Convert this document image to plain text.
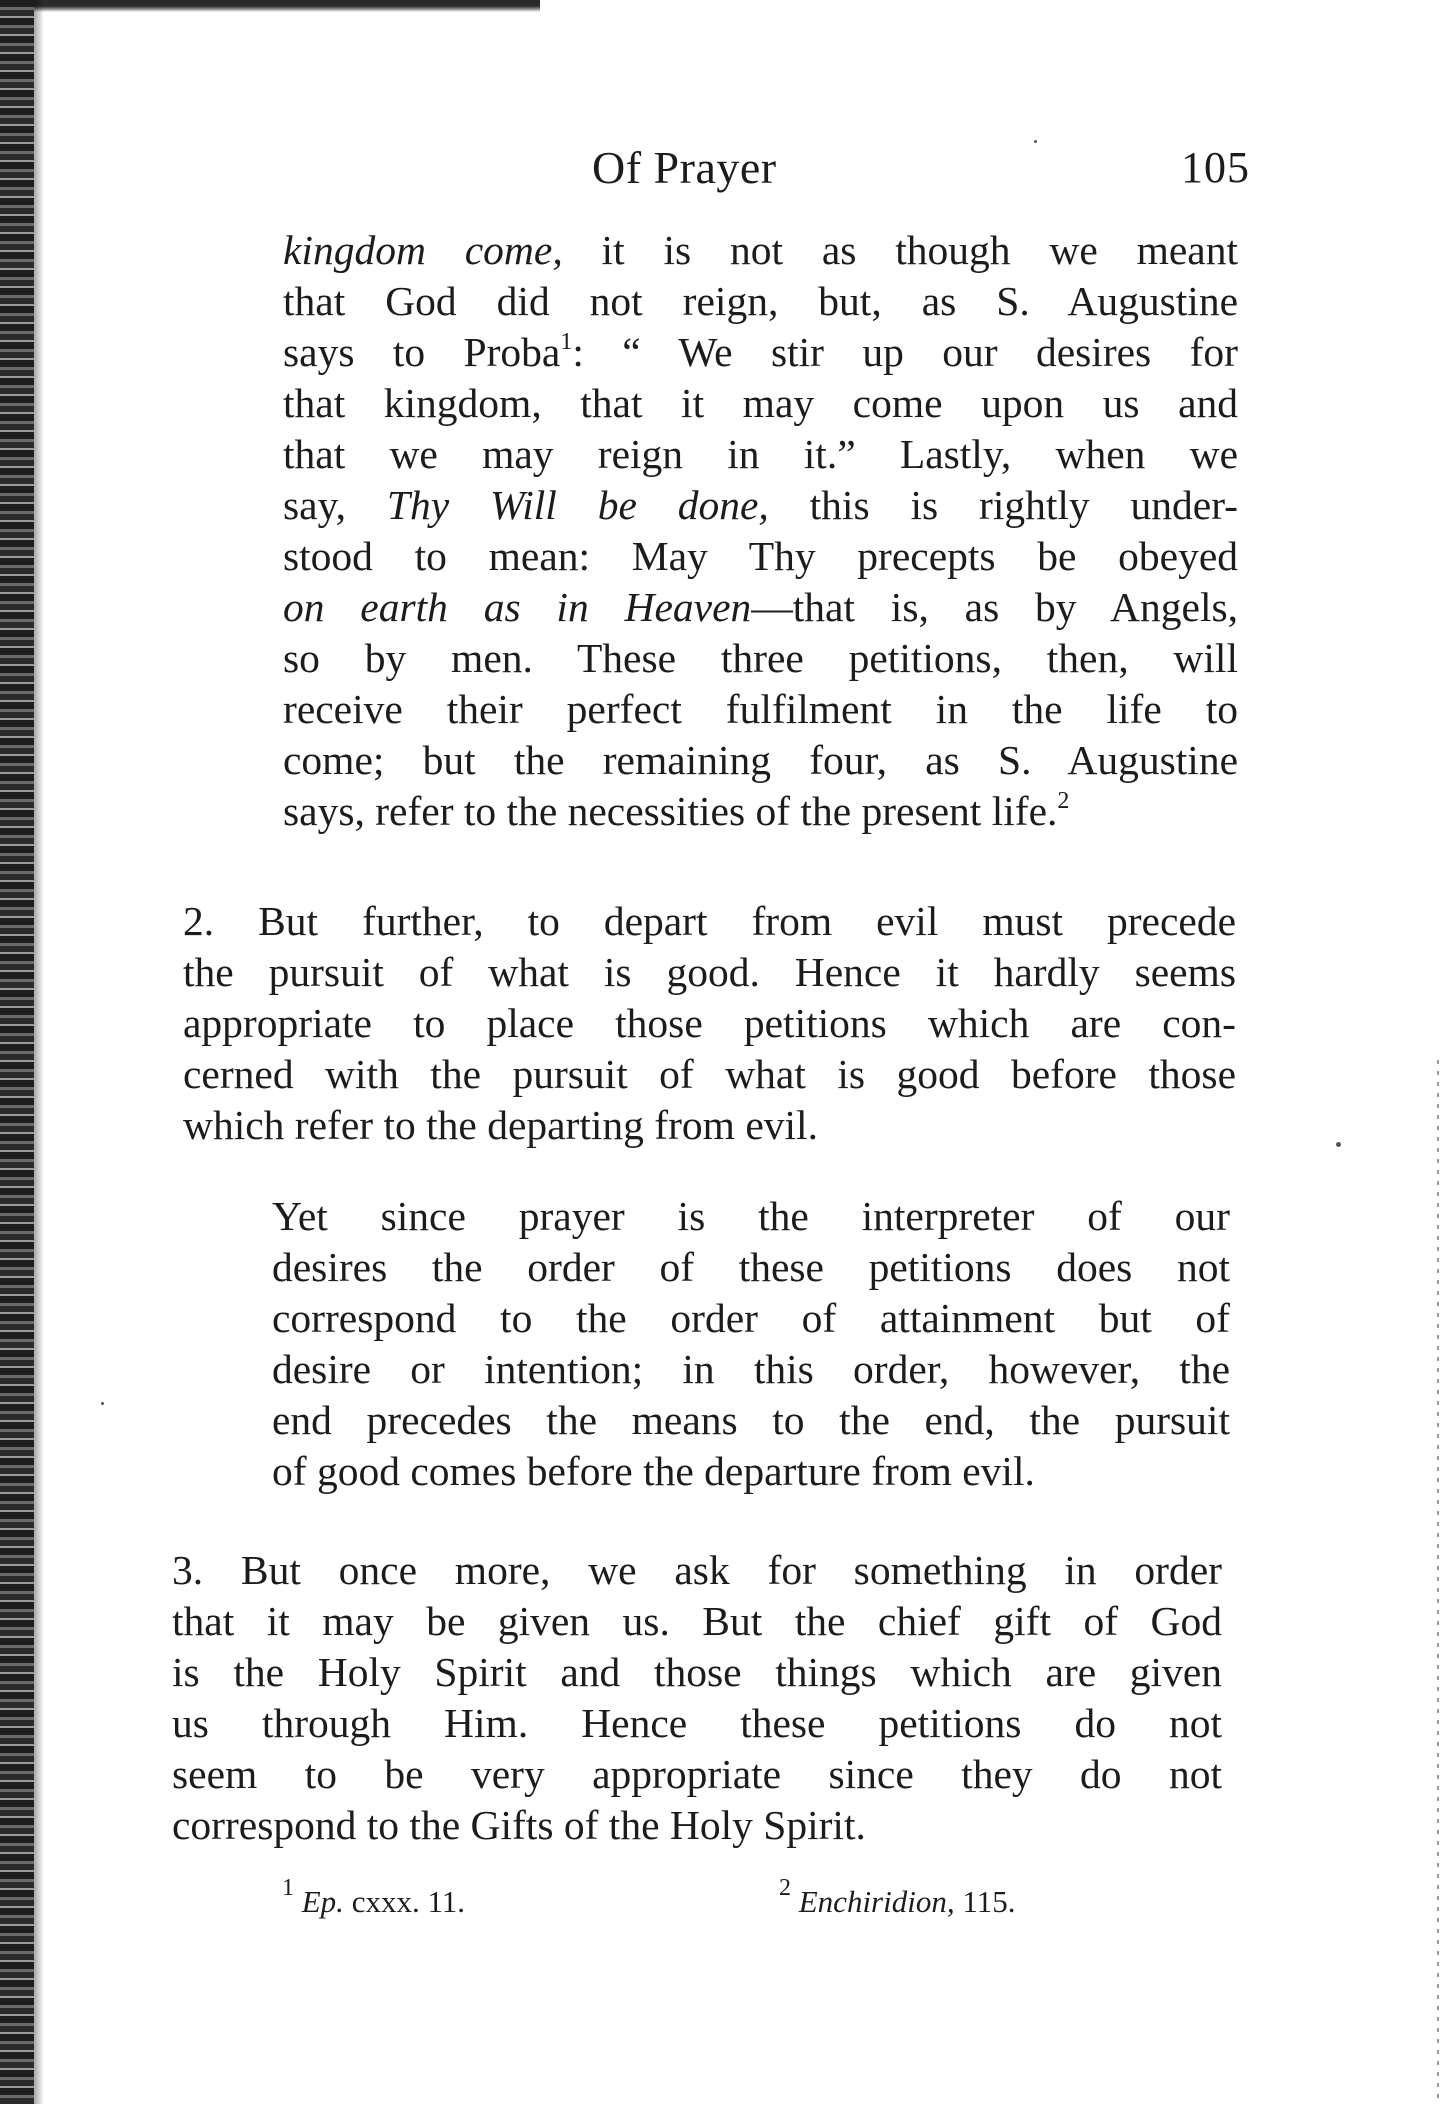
Of Prayer	105
kingdom come, it is not as though we meant
that God did not reign, but, as S. Augustine
says to Proba$^1$: “ We stir up our desires for
that kingdom, that it may come upon us and
that we may reign in it.” Lastly, when we
say, Thy Will be done, this is rightly under-
stood to mean: May Thy precepts be obeyed
on earth as in Heaven—that is, as by Angels,
so by men. These three petitions, then, will
receive their perfect fulfilment in the life to
come; but the remaining four, as S. Augustine
says, refer to the necessities of the present life.$^2$
2. But further, to depart from evil must precede
the pursuit of what is good. Hence it hardly seems
appropriate to place those petitions which are con-
cerned with the pursuit of what is good before those
which refer to the departing from evil.
Yet since prayer is the interpreter of our
desires the order of these petitions does not
correspond to the order of attainment but of
desire or intention; in this order, however, the
end precedes the means to the end, the pursuit
of good comes before the departure from evil.
3. But once more, we ask for something in order
that it may be given us. But the chief gift of God
is the Holy Spirit and those things which are given
us through Him. Hence these petitions do not
seem to be very appropriate since they do not
correspond to the Gifts of the Holy Spirit.
$^1$ Ep. cxxx. 11.	$^2$ Enchiridion, 115.
